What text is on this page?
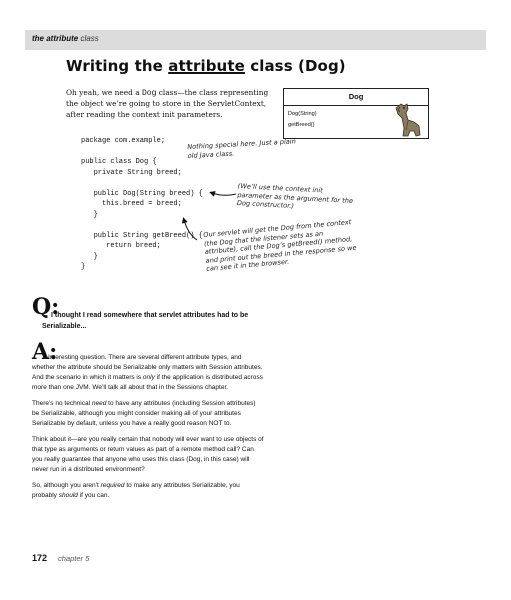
the attribute class
Writing the attribute class (Dog)
Oh yeah, we need a Dog class—the class representing the object we’re going to store in the ServletContext, after reading the context init parameters.
Dog
Dog(String)
getBreed()
package com.example;

public class Dog {
private String breed;

public Dog(String breed) {
this.breed = breed;
}

public String getBreed() {
return breed;
}
}
Nothing special here. Just a plain old Java class.
(We’ll use the context init parameter as the argument for the Dog constructor.)
Our servlet will get the Dog from the context (the Dog that the listener sets as an attribute), call the Dog’s getBreed() method, and print out the breed in the response so we can see it in the browser.
Q:
I thought I read somewhere that servlet attributes had to be Serializable...
A:

Interesting question. There are several different attribute types, and whether the attribute should be Serializable only matters with Session attributes. And the scenario in which it matters is only if the application is distributed across more than one JVM. We’ll talk all about that in the Sessions chapter.

There’s no technical need to have any attributes (including Session attributes) be Serializable, although you might consider making all of your attributes Serializable by default, unless you have a really good reason NOT to.

Think about it—are you really certain that nobody will ever want to use objects of that type as arguments or return values as part of a remote method call? Can you really guarantee that anyone who uses this class (Dog, in this case) will never run in a distributed environment?

So, although you aren’t required to make any attributes Serializable, you probably should if you can.

172 chapter 5
